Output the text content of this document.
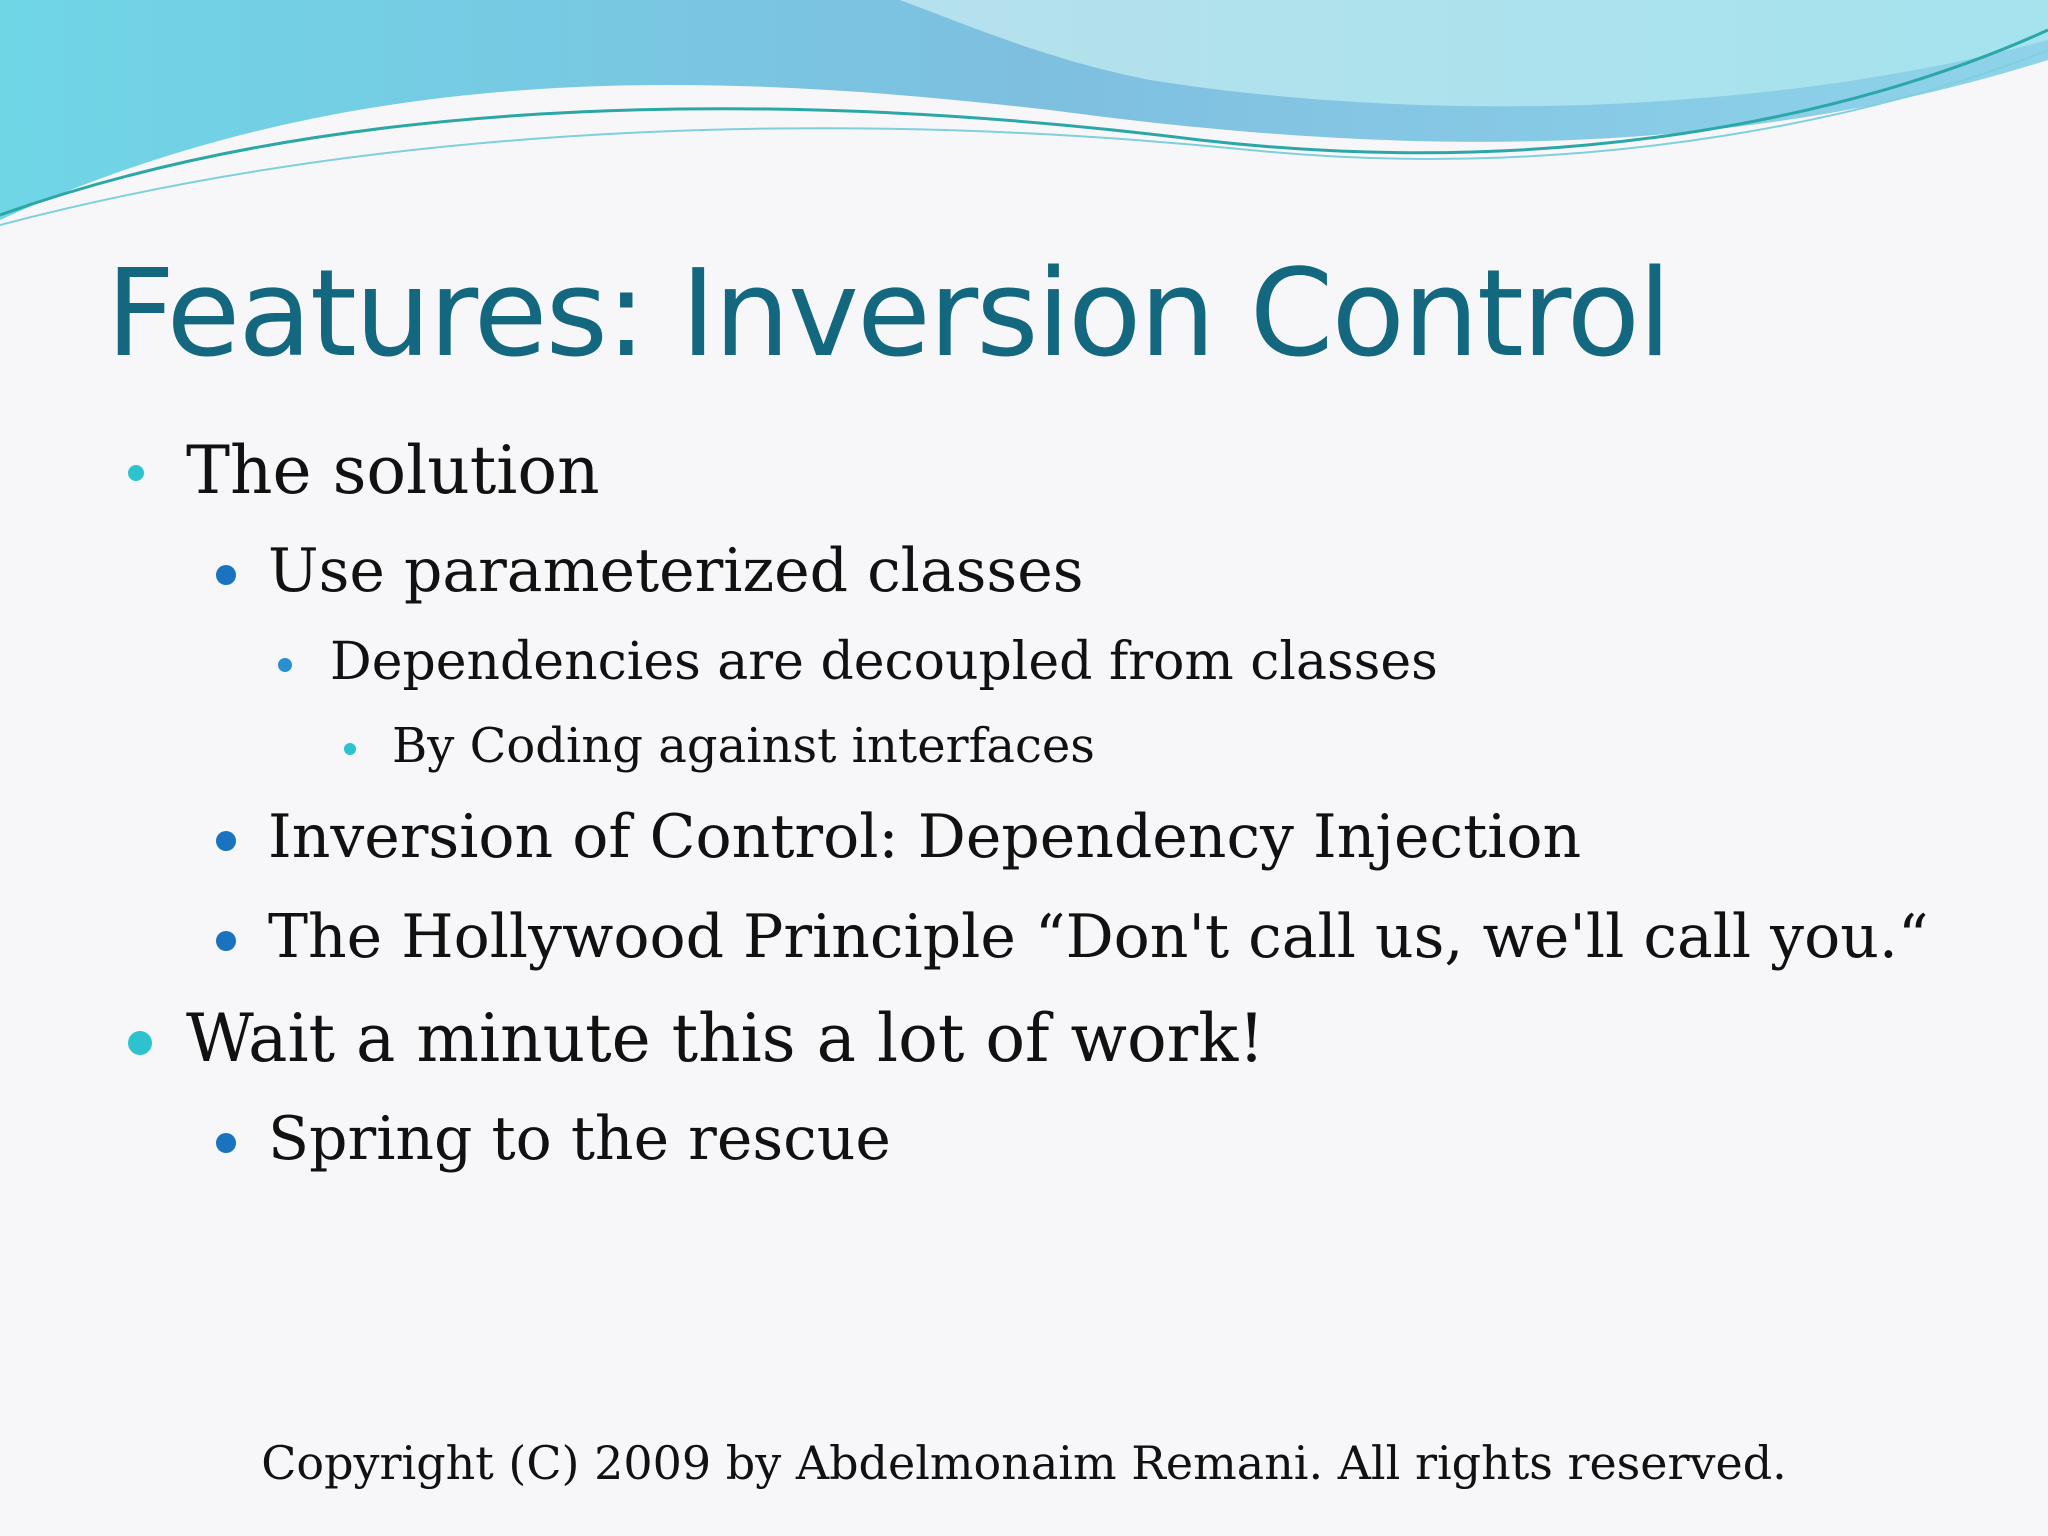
Features: Inversion Control
The solution
Use parameterized classes
Dependencies are decoupled from classes
By Coding against interfaces
Inversion of Control: Dependency Injection
The Hollywood Principle “Don't call us, we'll call you.“
Wait a minute this a lot of work!
Spring to the rescue
Copyright (C) 2009 by Abdelmonaim Remani. All rights reserved.
